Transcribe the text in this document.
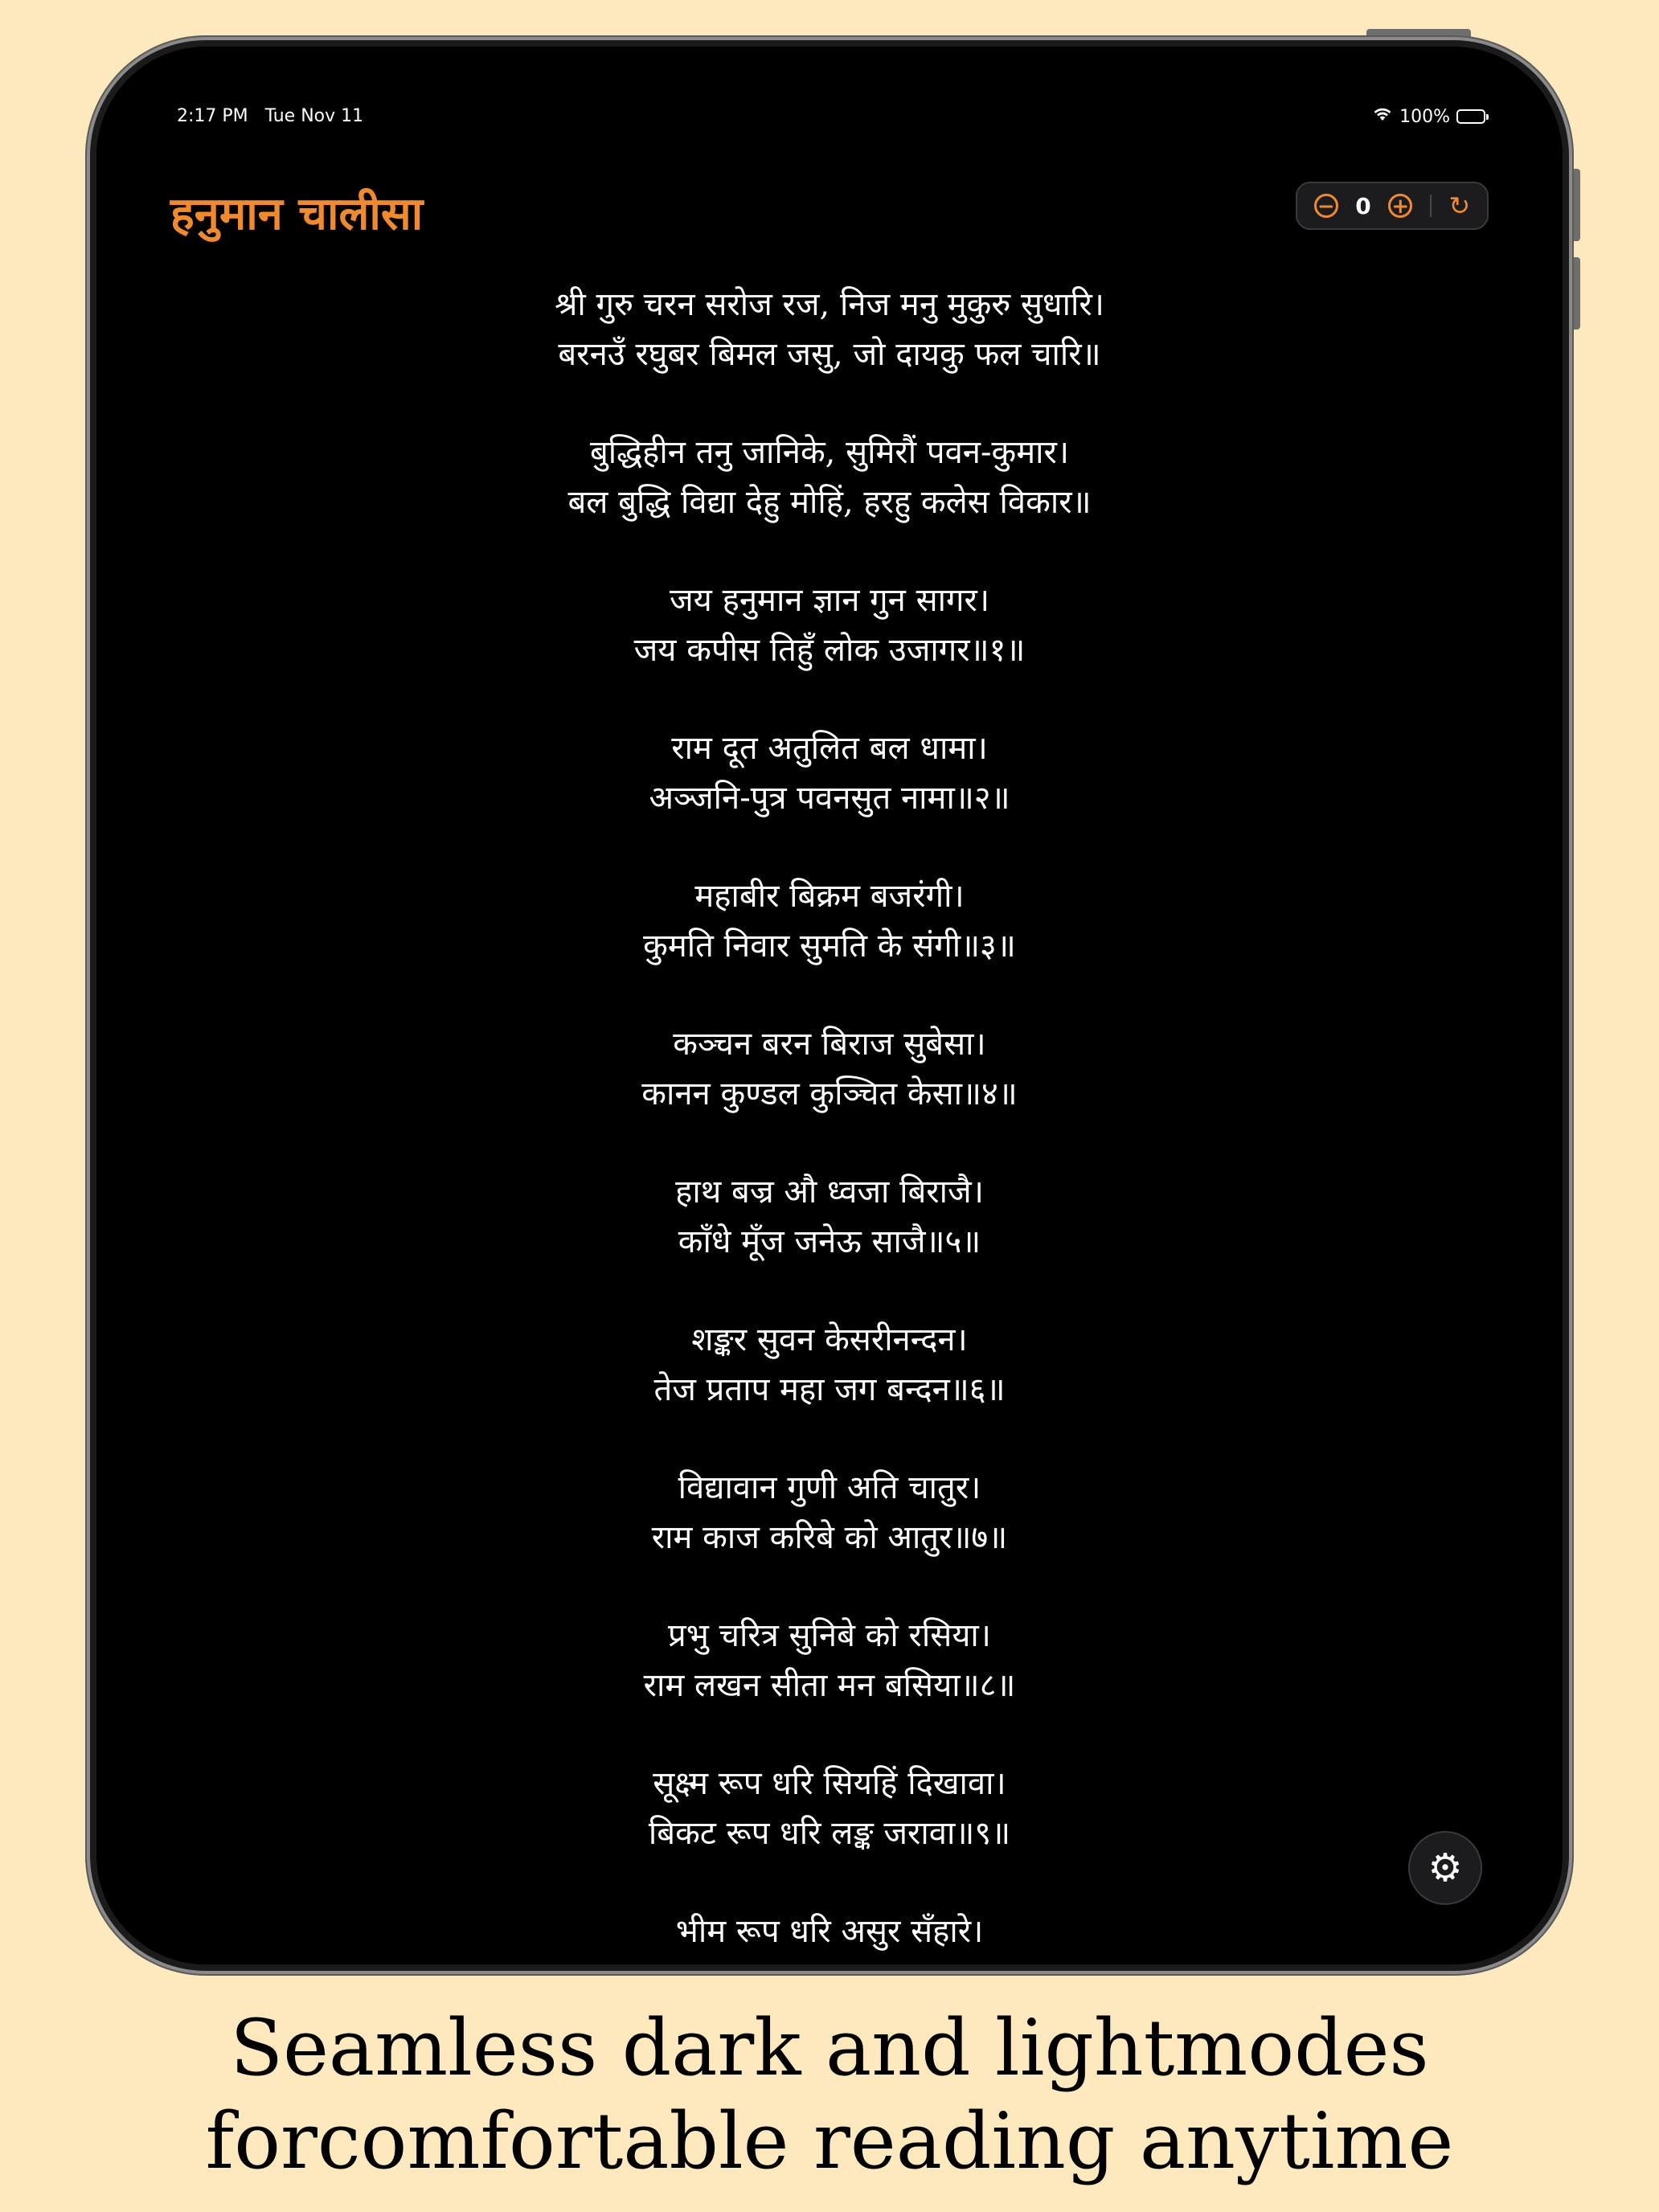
2:17 PM Tue Nov 11	100%
हनुमान चालीसा	− 0 + ↻
श्री गुरु चरन सरोज रज, निज मनु मुकुरु सुधारि।
बरनउँ रघुबर बिमल जसु, जो दायकु फल चारि॥
बुद्धिहीन तनु जानिके, सुमिरौं पवन-कुमार।
बल बुद्धि विद्या देहु मोहिं, हरहु कलेस विकार॥
जय हनुमान ज्ञान गुन सागर।
जय कपीस तिहुँ लोक उजागर॥१॥
राम दूत अतुलित बल धामा।
अञ्जनि-पुत्र पवनसुत नामा॥२॥
महाबीर बिक्रम बजरंगी।
कुमति निवार सुमति के संगी॥३॥
कञ्चन बरन बिराज सुबेसा।
कानन कुण्डल कुञ्चित केसा॥४॥
हाथ बज्र औ ध्वजा बिराजै।
काँधे मूँज जनेऊ साजै॥५॥
शङ्कर सुवन केसरीनन्दन।
तेज प्रताप महा जग बन्दन॥६॥
विद्यावान गुणी अति चातुर।
राम काज करिबे को आतुर॥७॥
प्रभु चरित्र सुनिबे को रसिया।
राम लखन सीता मन बसिया॥८॥
सूक्ष्म रूप धरि सियहिं दिखावा।
बिकट रूप धरि लङ्क जरावा॥९॥
भीम रूप धरि असुर सँहारे।
⚙
Seamless dark and lightmodes
forcomfortable reading anytime
